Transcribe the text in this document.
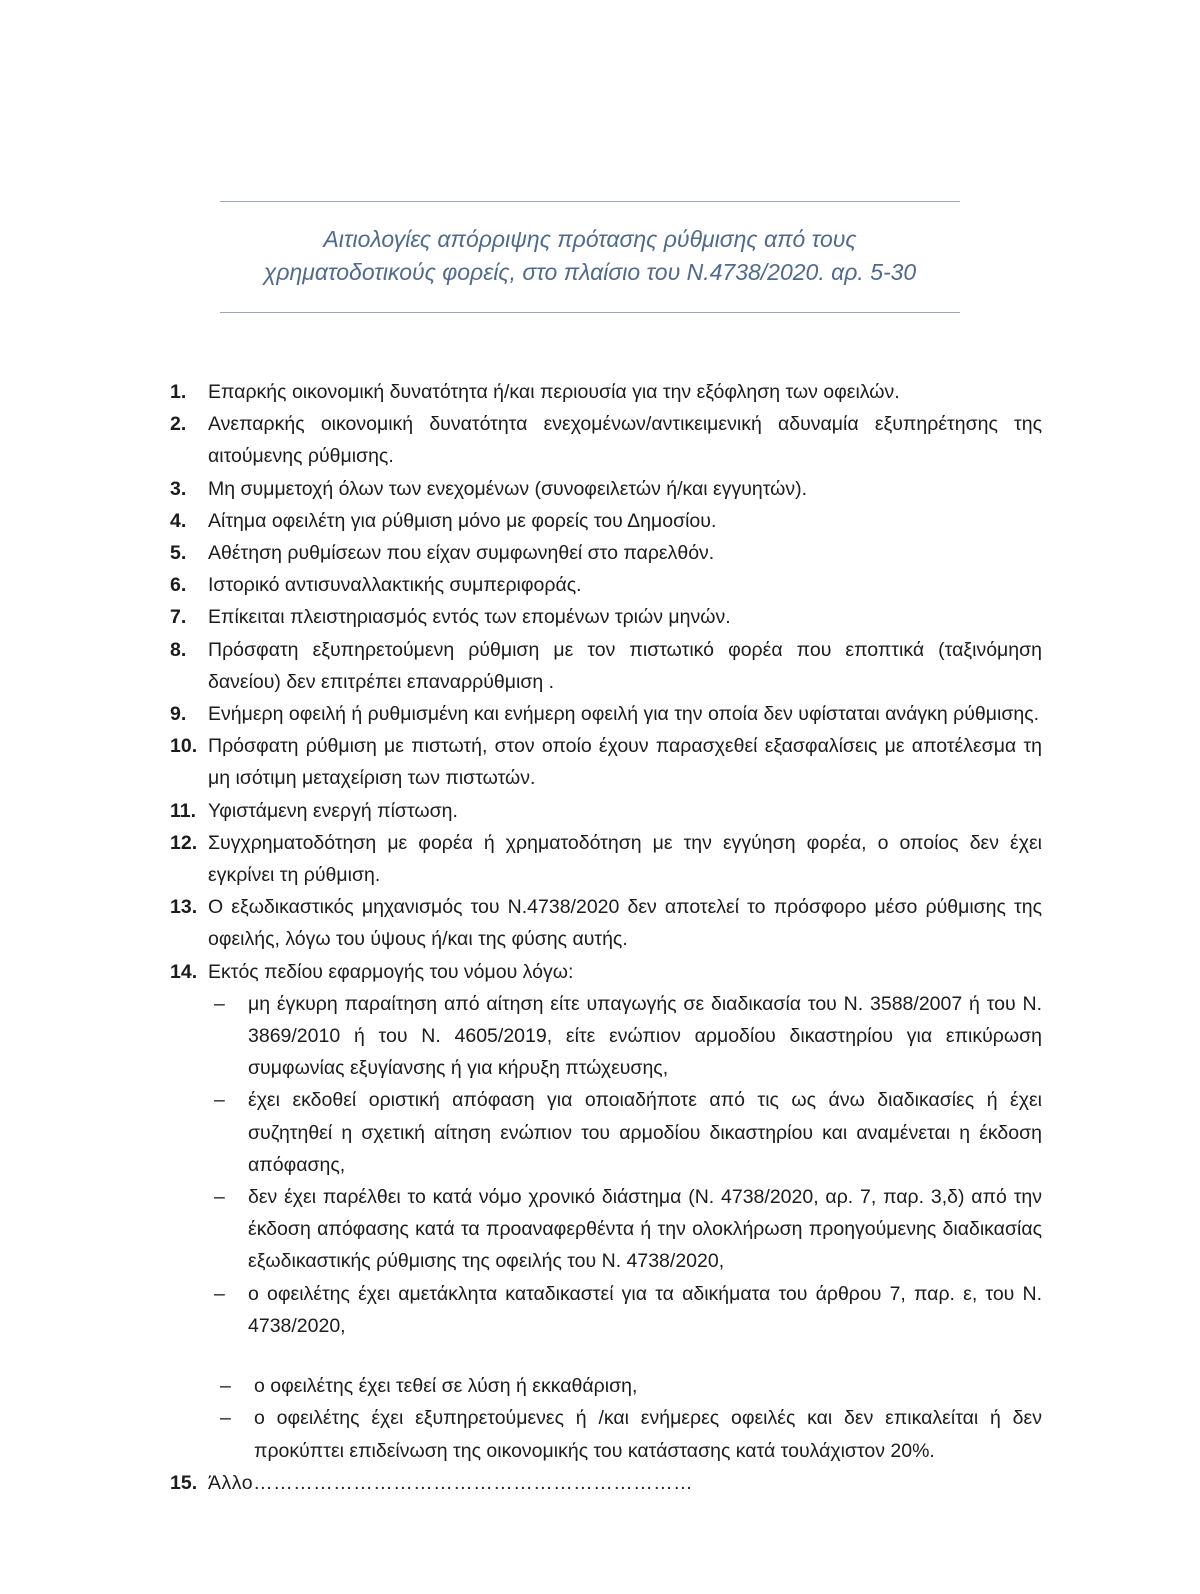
Αιτιολογίες απόρριψης πρότασης ρύθμισης από τους
χρηματοδοτικούς φορείς, στο πλαίσιο του Ν.4738/2020. αρ. 5-30
1.	Επαρκής οικονομική δυνατότητα ή/και περιουσία για την εξόφληση των οφειλών.
2.	Ανεπαρκής οικονομική δυνατότητα ενεχομένων/αντικειμενική αδυναμία εξυπηρέτησης της αιτούμενης ρύθμισης.
3.	Μη συμμετοχή όλων των ενεχομένων (συνοφειλετών ή/και εγγυητών).
4.	Αίτημα οφειλέτη για ρύθμιση μόνο με φορείς του Δημοσίου.
5.	Αθέτηση ρυθμίσεων που είχαν συμφωνηθεί στο παρελθόν.
6.	Ιστορικό αντισυναλλακτικής συμπεριφοράς.
7.	Επίκειται πλειστηριασμός εντός των επομένων τριών μηνών.
8.	Πρόσφατη εξυπηρετούμενη ρύθμιση με τον πιστωτικό φορέα που εποπτικά (ταξινόμηση δανείου) δεν επιτρέπει επαναρρύθμιση .
9.	Ενήμερη οφειλή ή ρυθμισμένη και ενήμερη οφειλή για την οποία δεν υφίσταται ανάγκη ρύθμισης.
10. Πρόσφατη ρύθμιση με πιστωτή, στον οποίο έχουν παρασχεθεί εξασφαλίσεις με αποτέλεσμα τη μη ισότιμη μεταχείριση των πιστωτών.
11. Υφιστάμενη ενεργή πίστωση.
12. Συγχρηματοδότηση με φορέα ή χρηματοδότηση με την εγγύηση φορέα, ο οποίος δεν έχει εγκρίνει τη ρύθμιση.
13. Ο εξωδικαστικός μηχανισμός του Ν.4738/2020 δεν αποτελεί το πρόσφορο μέσο ρύθμισης της οφειλής, λόγω του ύψους ή/και της φύσης αυτής.
14. Εκτός πεδίου εφαρμογής του νόμου λόγω:
–	μη έγκυρη παραίτηση από αίτηση είτε υπαγωγής σε διαδικασία του Ν. 3588/2007 ή του Ν. 3869/2010 ή του Ν. 4605/2019, είτε ενώπιον αρμοδίου δικαστηρίου για επικύρωση συμφωνίας εξυγίανσης ή για κήρυξη πτώχευσης,
–	έχει εκδοθεί οριστική απόφαση για οποιαδήποτε από τις ως άνω διαδικασίες ή έχει συζητηθεί η σχετική αίτηση ενώπιον του αρμοδίου δικαστηρίου και αναμένεται η έκδοση απόφασης,
–	δεν έχει παρέλθει το κατά νόμο χρονικό διάστημα (Ν. 4738/2020, αρ. 7, παρ. 3,δ) από την έκδοση απόφασης κατά τα προαναφερθέντα ή την ολοκλήρωση προηγούμενης διαδικασίας εξωδικαστικής ρύθμισης της οφειλής του Ν. 4738/2020,
–	ο οφειλέτης έχει αμετάκλητα καταδικαστεί για τα αδικήματα του άρθρου 7, παρ. ε, του Ν. 4738/2020,
–	ο οφειλέτης έχει τεθεί σε λύση ή εκκαθάριση,
–	ο οφειλέτης έχει εξυπηρετούμενες ή /και ενήμερες οφειλές και δεν επικαλείται ή δεν προκύπτει επιδείνωση της οικονομικής του κατάστασης κατά τουλάχιστον 20%.
15. Άλλο…………………………………………………………
